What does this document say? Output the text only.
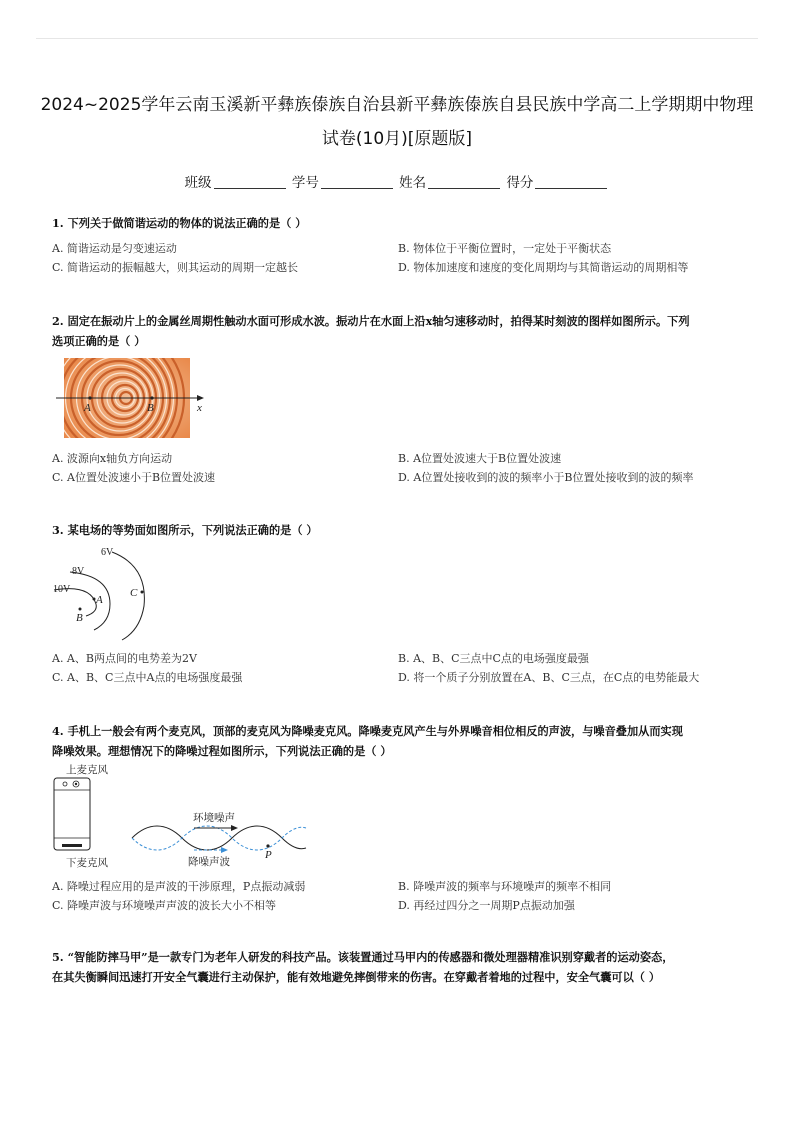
2024~2025学年云南玉溪新平彝族傣族自治县新平彝族傣族自县民族中学高二上学期期中物理
试卷(10月)[原题版]
班级	学号	姓名	得分
1. 下列关于做简谐运动的物体的说法正确的是（ ）
A. 简谐运动是匀变速运动	B. 物体位于平衡位置时，一定处于平衡状态
C. 简谐运动的振幅越大，则其运动的周期一定越长	D. 物体加速度和速度的变化周期均与其简谐运动的周期相等
2. 固定在振动片上的金属丝周期性触动水面可形成水波。振动片在水面上沿x轴匀速移动时，拍得某时刻波的图样如图所示。下列
选项正确的是（ ）
A	B	x
A. 波源向x轴负方向运动	B. A位置处波速大于B位置处波速
C. A位置处波速小于B位置处波速	D. A位置处接收到的波的频率小于B位置处接收到的波的频率
3. 某电场的等势面如图所示，下列说法正确的是（ ）
6V
8V
10V
A
B
C
A. A、B两点间的电势差为2V	B. A、B、C三点中C点的电场强度最强
C. A、B、C三点中A点的电场强度最强	D. 将一个质子分别放置在A、B、C三点，在C点的电势能最大
4. 手机上一般会有两个麦克风，顶部的麦克风为降噪麦克风。降噪麦克风产生与外界噪音相位相反的声波，与噪音叠加从而实现
降噪效果。理想情况下的降噪过程如图所示，下列说法正确的是（ ）
上麦克风
下麦克风
环境噪声
降噪声波
P
A. 降噪过程应用的是声波的干涉原理，P点振动减弱	B. 降噪声波的频率与环境噪声的频率不相同
C. 降噪声波与环境噪声声波的波长大小不相等	D. 再经过四分之一周期P点振动加强
5. “智能防摔马甲”是一款专门为老年人研发的科技产品。该装置通过马甲内的传感器和微处理器精准识别穿戴者的运动姿态，
在其失衡瞬间迅速打开安全气囊进行主动保护，能有效地避免摔倒带来的伤害。在穿戴者着地的过程中，安全气囊可以（ ）
